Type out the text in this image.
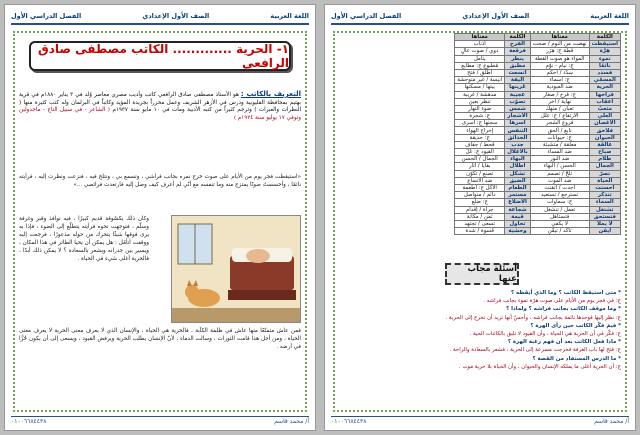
اللغة العربية
الصف الأول الإعدادي
الفصل الدراسي الأول
١- الحرية ............. الكاتب مصطفى صادق الرافعي
التعريف بالكاتب : هو الأستاذ مصطفى صادق الرافعي كاتب وأديب مصري معاصر وُلد في ٣ يناير ١٨٨٠م في قرية بهتيم بمحافظة القليوبية ودرس في الأزهر الشريف وعمل محرراً بجريدة المؤيد وكاتباً في البرلمان وله كتب كثيرة منها ( النظرات والعبرات ) وترجم كثيراً من كتبه الأدبية ومات في ١٠ مايو سنة ١٩٣٧م ( الشاعر - في سبيل التاج - ماجدولين وتوفي ١٧ يوليو سنة ١٩٢٤م )
«استيقظت فجر يوم من الأيام على صوت خرج نمره بجانب فراشي ، وتسمع بي ، ونتلخ فيه ، فنزعت ونظرت إليه ، فرأيته نائمًا ، وأحسستُ صوتًا يمتزج منه وما تنفسه مع أنّي لم أعرف كيف وصل إليه فارتعدت فرائصي ...»
وكان ذلك يكسُوقة قديم كبيرًا ، فيه نوافذ وقبر وغرفة وسلّم ، فتوجهت نحوه فرأيته يتطلّع إلى الضوء ، فإذا به يرى فوقها شيئًا يتحرك من حوله مذعورًا ، فرجعت إليه ووقفت أتأمّل : هل يمكن أن يحيا الطائر في هذا المكان ، ويسير بين جدرانه ويشعر بالسعادة ؟ لا يمكن ذلك أبدًا ، فالحرية أغلى شيء في الحياة .
فمن عاش متمتّعًا منها عاش في ظلمة الكآبة ، فالحرية هي الحياة ، والإنسان الذي لا يعرف معنى الحرية لا يعرف معنى الحياة ، ومن أجل هذا قامت الثورات ، وسالت الدماء ، لأنّ الإنسان يطلب الحرية ويرفض القيود ، ويسعى إلى أن يكون حُرًّا في أرضه .
أ/ محمد قاسم
٠١٠٠٦٦٨٤٤٣٨
اللغة العربية
الصف الأول الإعدادي
الفصل الدراسي الأول
الكلمة	معناها	الكلمة	معناها
استيقظت	نهضت من النوم / صحت	الفرج	أذناب
هِرَّة	قطة ج: هِرَر	فرقعة	دوي / صوت عالٍ
تموء	المواء هو صوت القطة	ينظر	يتأمل
نائمًا	ج: نيام - نوّم	مطبق	مُطبوع ج: مطابع
فسدد	سدّد / أحكم	اتسعت	أطلق / فتح
المسمّي	ج: أسماء	أليفة	أنيسة / غير متوحشة
الحرية	ضد العبودية	عُرينها	بيتها / مسكنها
فراخها	ج: فرخ / صغار	عجيبة	مدهشة / غريبة
أعقاب	نهاية / آخر	تصوّب	تنظر بعين
متعبٌ	تعبان / منهك	شمس	ضوء النهار
العلي	الارتفاع / ج: علل	الأشجار	ج: شجرة
الأغصان	فروع الشجر	أسرها	سجنها ج: أسرى
فلاحق	تابع / ألحق	التنفس	إخراج الهواء
الحيوان	ج: حيوانات	الحدائق	ج: حديقة
عالقة	معلقة / متشبثة	جدب	قحط / جفاف
صباح	ضد المساء	بالأغلال	القيود ج: غُلّ
ظلام	ضد النور	البهاء	الجمال / الحسن
الجمال	الحسن / البهاء	أطلال	بقايا / آثار
تصرّ	تلحّ / تصمم	تشكّل	تصنع / تكوّن
الحياة	ضد الموت	الضيق	ضد الاتساع
أحسنت	أجدت / أتقنت	الطعام	الأكل ج: أطعمة
تتذكر	تسترجع / تستعيد	مستمر	دائم / متواصل
السماء	ج: سماوات	الأضلاع	ج: ضلع
تشتغل	تعمل / تنشغل	شجاعة	جرأة / إقدام
فتستحق	فتستأهل	قيمة	ثمن / مكانة
لا يملأ	لا يكفي	تحاول	تسعى / تجتهد
أيقن	تأكد / تيقّن	وحشية	قسوة / شدة
أسئلة مجاب عنها
* متى استيقظ الكاتب ؟ وما الذي أيقظه ؟
ج: في فجر يوم من الأيام على صوت هرّة تموء بجانب فراشه .
* وما موقف الكاتب بجانب فراشه ؟ ولماذا ؟
ج: نظر إليها فوجدها نائمة بجانب فراشه ، وأحسّ أنها تريد أن تخرج إلى الحرية .
* فيمَ فكّر الكاتب حين رأى الهرة ؟
ج: فكّر في أن الحرية هي الحياة ، وأن القيود لا تليق بالكائنات الحية .
* ماذا فعل الكاتب بعد أن فهم رغبة الهرة ؟
ج: فتح لها باب الغرفة فخرجت مسرعة إلى الحرية ، فشعر بالسعادة والراحة .
* ما الدرس المستفاد من القصة ؟
ج: أن الحرية أغلى ما يملكه الإنسان والحيوان ، وأن الحياة بلا حرية موت .
أ/ محمد قاسم
٠١٠٠٦٦٨٤٤٣٨
